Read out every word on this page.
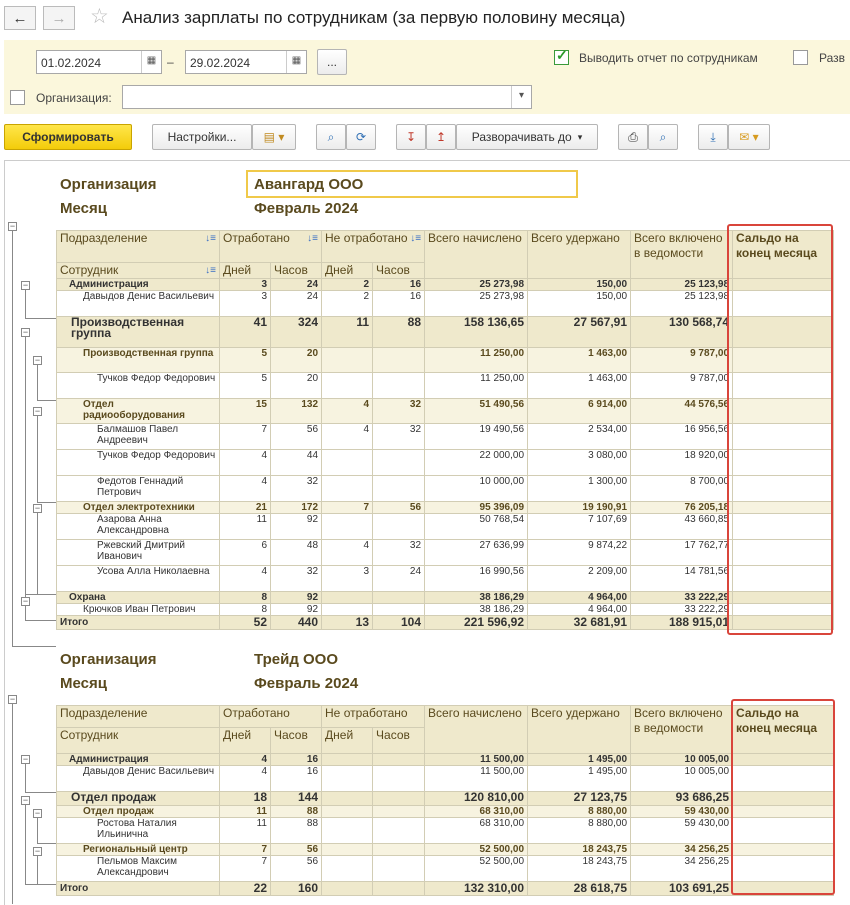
← → ☆ Анализ зарплаты по сотрудникам (за первую половину месяца)
01.02.2024	▦ –	29.02.2024	▦	...	✓ Выводить отчет по сотрудникам	Разв
Организация:	▾
Сформировать	Настройки...	▤ ▾	⌕ ⟳	↧ ↥ Разворачивать до ▾	⎙ ⌕	⤓ ✉ ▾
−
−
−
−
−
−
−
−
−
−
−
−
Организация
Месяц
Авангард ООО
Февраль 2024
Подразделение ↓≡	Отработано ↓≡		Не отработано ↓≡		Всего начислено	Всего удержано	Всего включено в ведомости	Сальдо на конец месяца
Сотрудник ↓≡	Дней	Часов	Дней	Часов				
Администрация	3	24	2	16	25 273,98	150,00	25 123,98	
Давыдов Денис Васильевич	3	24	2	16	25 273,98	150,00	25 123,98	
Производственная группа	41	324	11	88	158 136,65	27 567,91	130 568,74	
Производственная группа	5	20			11 250,00	1 463,00	9 787,00	
Тучков Федор Федорович	5	20			11 250,00	1 463,00	9 787,00	
Отдел радиооборудования	15	132	4	32	51 490,56	6 914,00	44 576,56	
Балмашов Павел Андреевич	7	56	4	32	19 490,56	2 534,00	16 956,56	
Тучков Федор Федорович	4	44			22 000,00	3 080,00	18 920,00	
Федотов Геннадий Петрович	4	32			10 000,00	1 300,00	8 700,00	
Отдел электротехники	21	172	7	56	95 396,09	19 190,91	76 205,18	
Азарова Анна Александровна	11	92			50 768,54	7 107,69	43 660,85	
Ржевский Дмитрий Иванович	6	48	4	32	27 636,99	9 874,22	17 762,77	
Усова Алла Николаевна	4	32	3	24	16 990,56	2 209,00	14 781,56	
Охрана	8	92			38 186,29	4 964,00	33 222,29	
Крючков Иван Петрович	8	92			38 186,29	4 964,00	33 222,29	
Итого	52	440	13	104	221 596,92	32 681,91	188 915,01	
Организация
Месяц
Трейд ООО
Февраль 2024
Подразделение	Отработано		Не отработано		Всего начислено	Всего удержано	Всего включено в ведомости	Сальдо на конец месяца
Сотрудник	Дней	Часов	Дней	Часов				
Администрация	4	16			11 500,00	1 495,00	10 005,00	
Давыдов Денис Васильевич	4	16			11 500,00	1 495,00	10 005,00	
Отдел продаж	18	144			120 810,00	27 123,75	93 686,25	
Отдел продаж	11	88			68 310,00	8 880,00	59 430,00	
Ростова Наталия Ильинична	11	88			68 310,00	8 880,00	59 430,00	
Региональный центр	7	56			52 500,00	18 243,75	34 256,25	
Пельмов Максим Александрович	7	56			52 500,00	18 243,75	34 256,25	
Итого	22	160			132 310,00	28 618,75	103 691,25	
